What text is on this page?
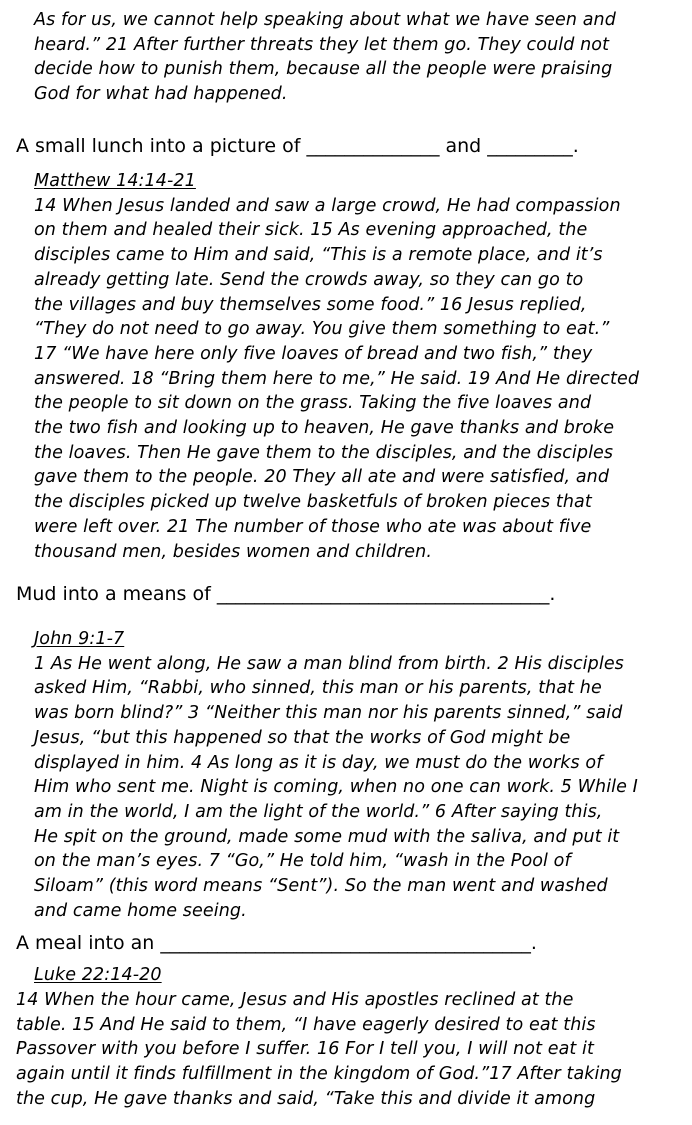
As for us, we cannot help speaking about what we have seen and
heard.” 21 After further threats they let them go. They could not
decide how to punish them, because all the people were praising
God for what had happened.
A small lunch into a picture of ______________ and _________.
Matthew 14:14-21
14 When Jesus landed and saw a large crowd, He had compassion
on them and healed their sick. 15 As evening approached, the
disciples came to Him and said, “This is a remote place, and it’s
already getting late. Send the crowds away, so they can go to
the villages and buy themselves some food.” 16 Jesus replied,
“They do not need to go away. You give them something to eat.”
17 “We have here only five loaves of bread and two fish,” they
answered. 18 “Bring them here to me,” He said. 19 And He directed
the people to sit down on the grass. Taking the five loaves and
the two fish and looking up to heaven, He gave thanks and broke
the loaves. Then He gave them to the disciples, and the disciples
gave them to the people. 20 They all ate and were satisfied, and
the disciples picked up twelve basketfuls of broken pieces that
were left over. 21 The number of those who ate was about five
thousand men, besides women and children.
Mud into a means of ___________________________________.
John 9:1-7
1 As He went along, He saw a man blind from birth. 2 His disciples
asked Him, “Rabbi, who sinned, this man or his parents, that he
was born blind?” 3 “Neither this man nor his parents sinned,” said
Jesus, “but this happened so that the works of God might be
displayed in him. 4 As long as it is day, we must do the works of
Him who sent me. Night is coming, when no one can work. 5 While I
am in the world, I am the light of the world.” 6 After saying this,
He spit on the ground, made some mud with the saliva, and put it
on the man’s eyes. 7 “Go,” He told him, “wash in the Pool of
Siloam” (this word means “Sent”). So the man went and washed
and came home seeing.
A meal into an _______________________________________.
Luke 22:14-20
14 When the hour came, Jesus and His apostles reclined at the
table. 15 And He said to them, “I have eagerly desired to eat this
Passover with you before I suffer. 16 For I tell you, I will not eat it
again until it finds fulfillment in the kingdom of God.”17 After taking
the cup, He gave thanks and said, “Take this and divide it among
